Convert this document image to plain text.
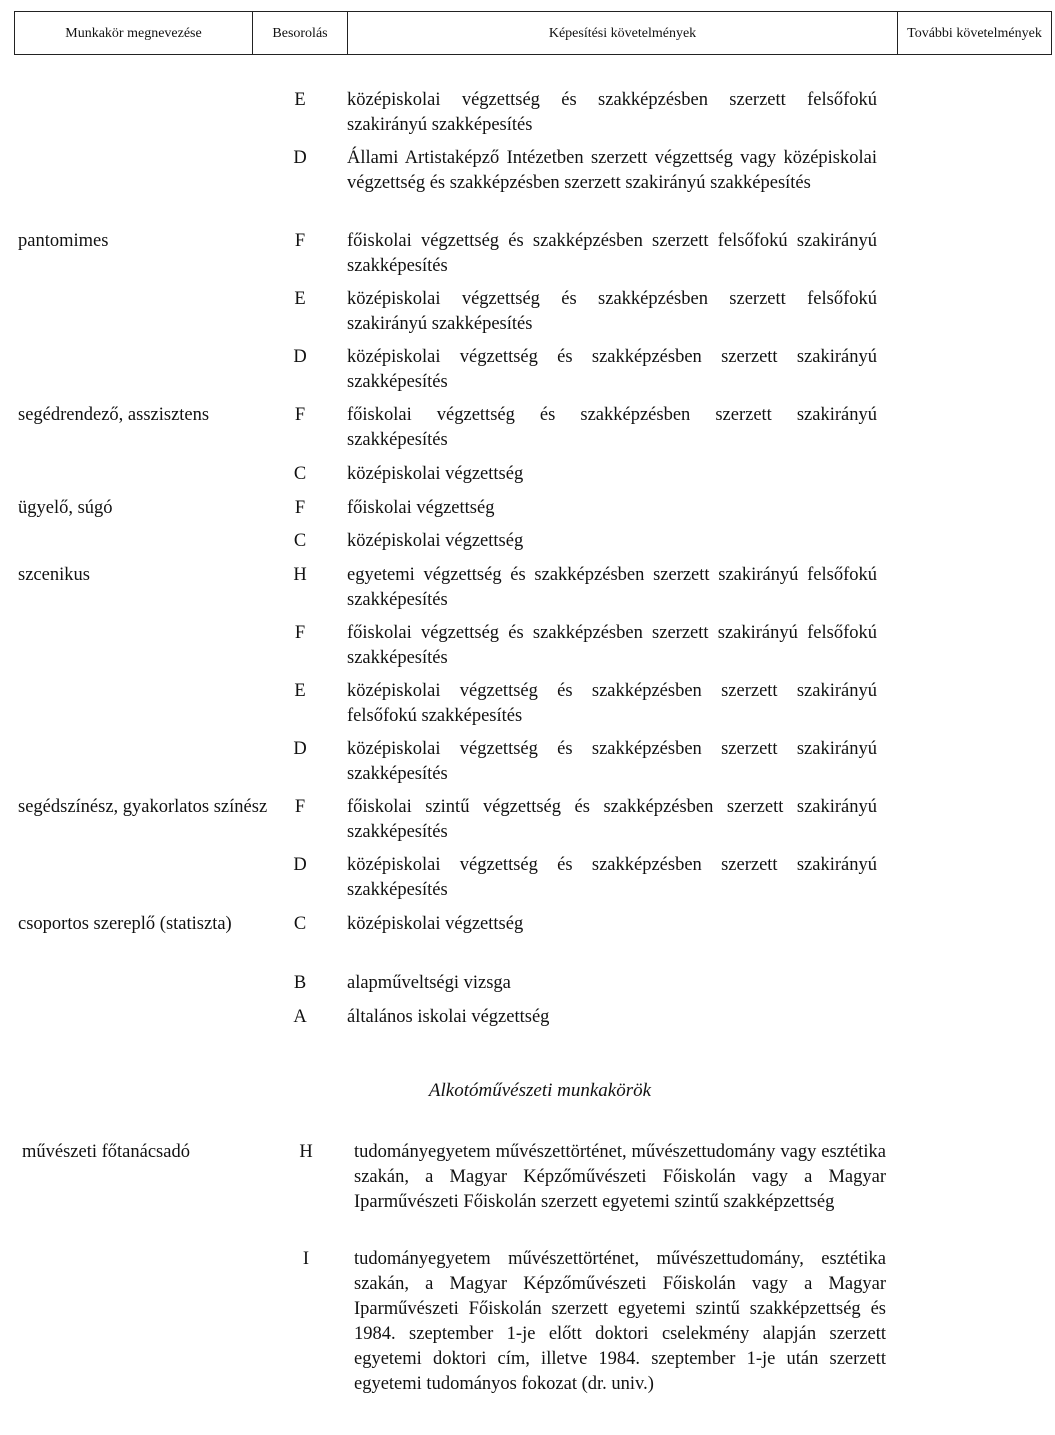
Munkakör megnevezése	Besorolás	Képesítési követelmények	További követelmények
E	középiskolai végzettség és szakképzésben szerzett felsőfokú szakirányú szakképesítés
D	Állami Artistaképző Intézetben szerzett végzettség vagy középiskolai végzettség és szakképzésben szerzett szakirányú szakképesítés
pantomimes	F	főiskolai végzettség és szakképzésben szerzett felsőfokú szakirányú szakképesítés
E	középiskolai végzettség és szakképzésben szerzett felsőfokú szakirányú szakképesítés
D	középiskolai végzettség és szakképzésben szerzett szakirányú szakképesítés
segédrendező, asszisztens	F	főiskolai végzettség és szakképzésben szerzett szakirányú szakképesítés
C	középiskolai végzettség
ügyelő, súgó	F	főiskolai végzettség
C	középiskolai végzettség
szcenikus	H	egyetemi végzettség és szakképzésben szerzett szakirányú felsőfokú szakképesítés
F	főiskolai végzettség és szakképzésben szerzett szakirányú felsőfokú szakképesítés
E	középiskolai végzettség és szakképzésben szerzett szakirányú felsőfokú szakképesítés
D	középiskolai végzettség és szakképzésben szerzett szakirányú szakképesítés
segédszínész, gyakorlatos színész	F	főiskolai szintű végzettség és szakképzésben szerzett szakirányú szakképesítés
D	középiskolai végzettség és szakképzésben szerzett szakirányú szakképesítés
csoportos szereplő (statiszta)	C	középiskolai végzettség
B	alapműveltségi vizsga
A	általános iskolai végzettség
Alkotóművészeti munkakörök
művészeti főtanácsadó	H	tudományegyetem művészettörténet, művészettudomány vagy esztétika szakán, a Magyar Képzőművészeti Főiskolán vagy a Magyar Iparművészeti Főiskolán szerzett egyetemi szintű szakképzettség
I	tudományegyetem művészettörténet, művészettudomány, esztétika szakán, a Magyar Képzőművészeti Főiskolán vagy a Magyar Iparművészeti Főiskolán szerzett egyetemi szintű szakképzettség és 1984. szeptember 1-je előtt doktori cselekmény alapján szerzett egyetemi doktori cím, illetve 1984. szeptember 1-je után szerzett egyetemi tudományos fokozat (dr. univ.)
